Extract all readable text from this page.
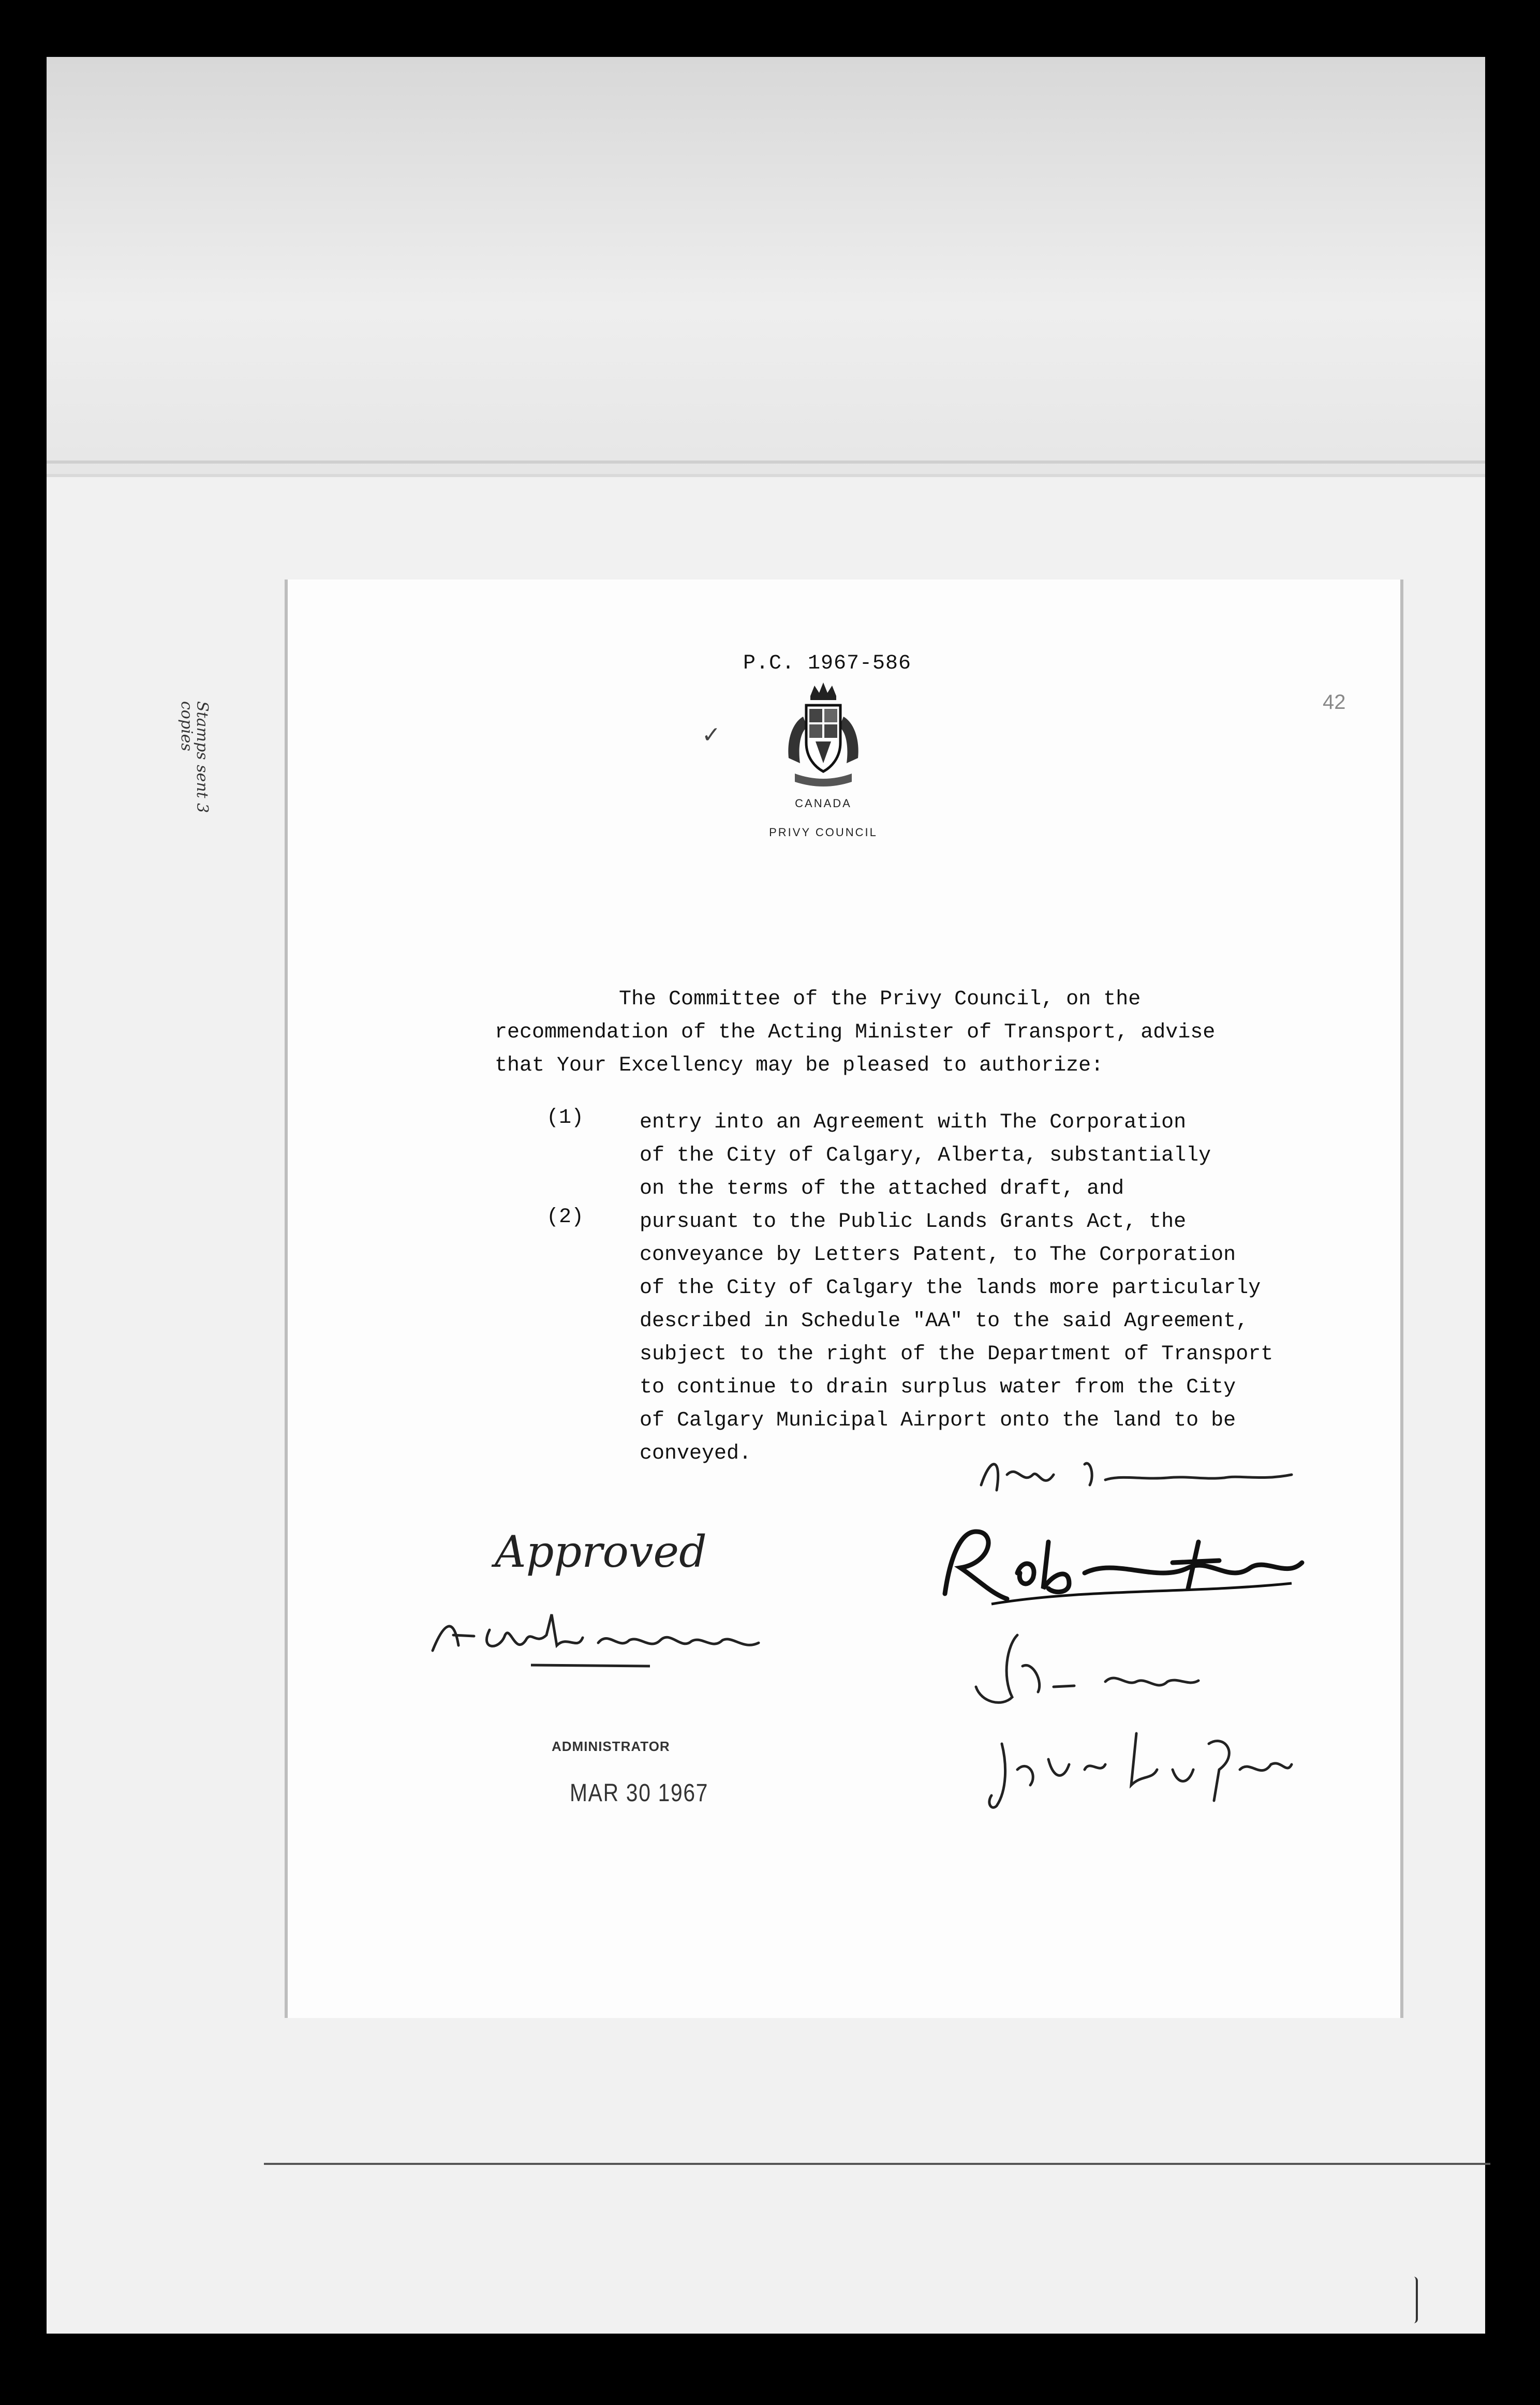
P.C. 1967-586
✓
42
CANADA
PRIVY COUNCIL
The Committee of the Privy Council, on the
recommendation of the Acting Minister of Transport, advise
that Your Excellency may be pleased to authorize:
(1)	entry into an Agreement with The Corporation
of the City of Calgary, Alberta, substantially
on the terms of the attached draft, and
(2)	pursuant to the Public Lands Grants Act, the
conveyance by Letters Patent, to The Corporation
of the City of Calgary the lands more particularly
described in Schedule "AA" to the said Agreement,
subject to the right of the Department of Transport
to continue to drain surplus water from the City
of Calgary Municipal Airport onto the land to be
conveyed.
Approved
ADMINISTRATOR
MAR 30 1967
Stamps sent 3 copies
